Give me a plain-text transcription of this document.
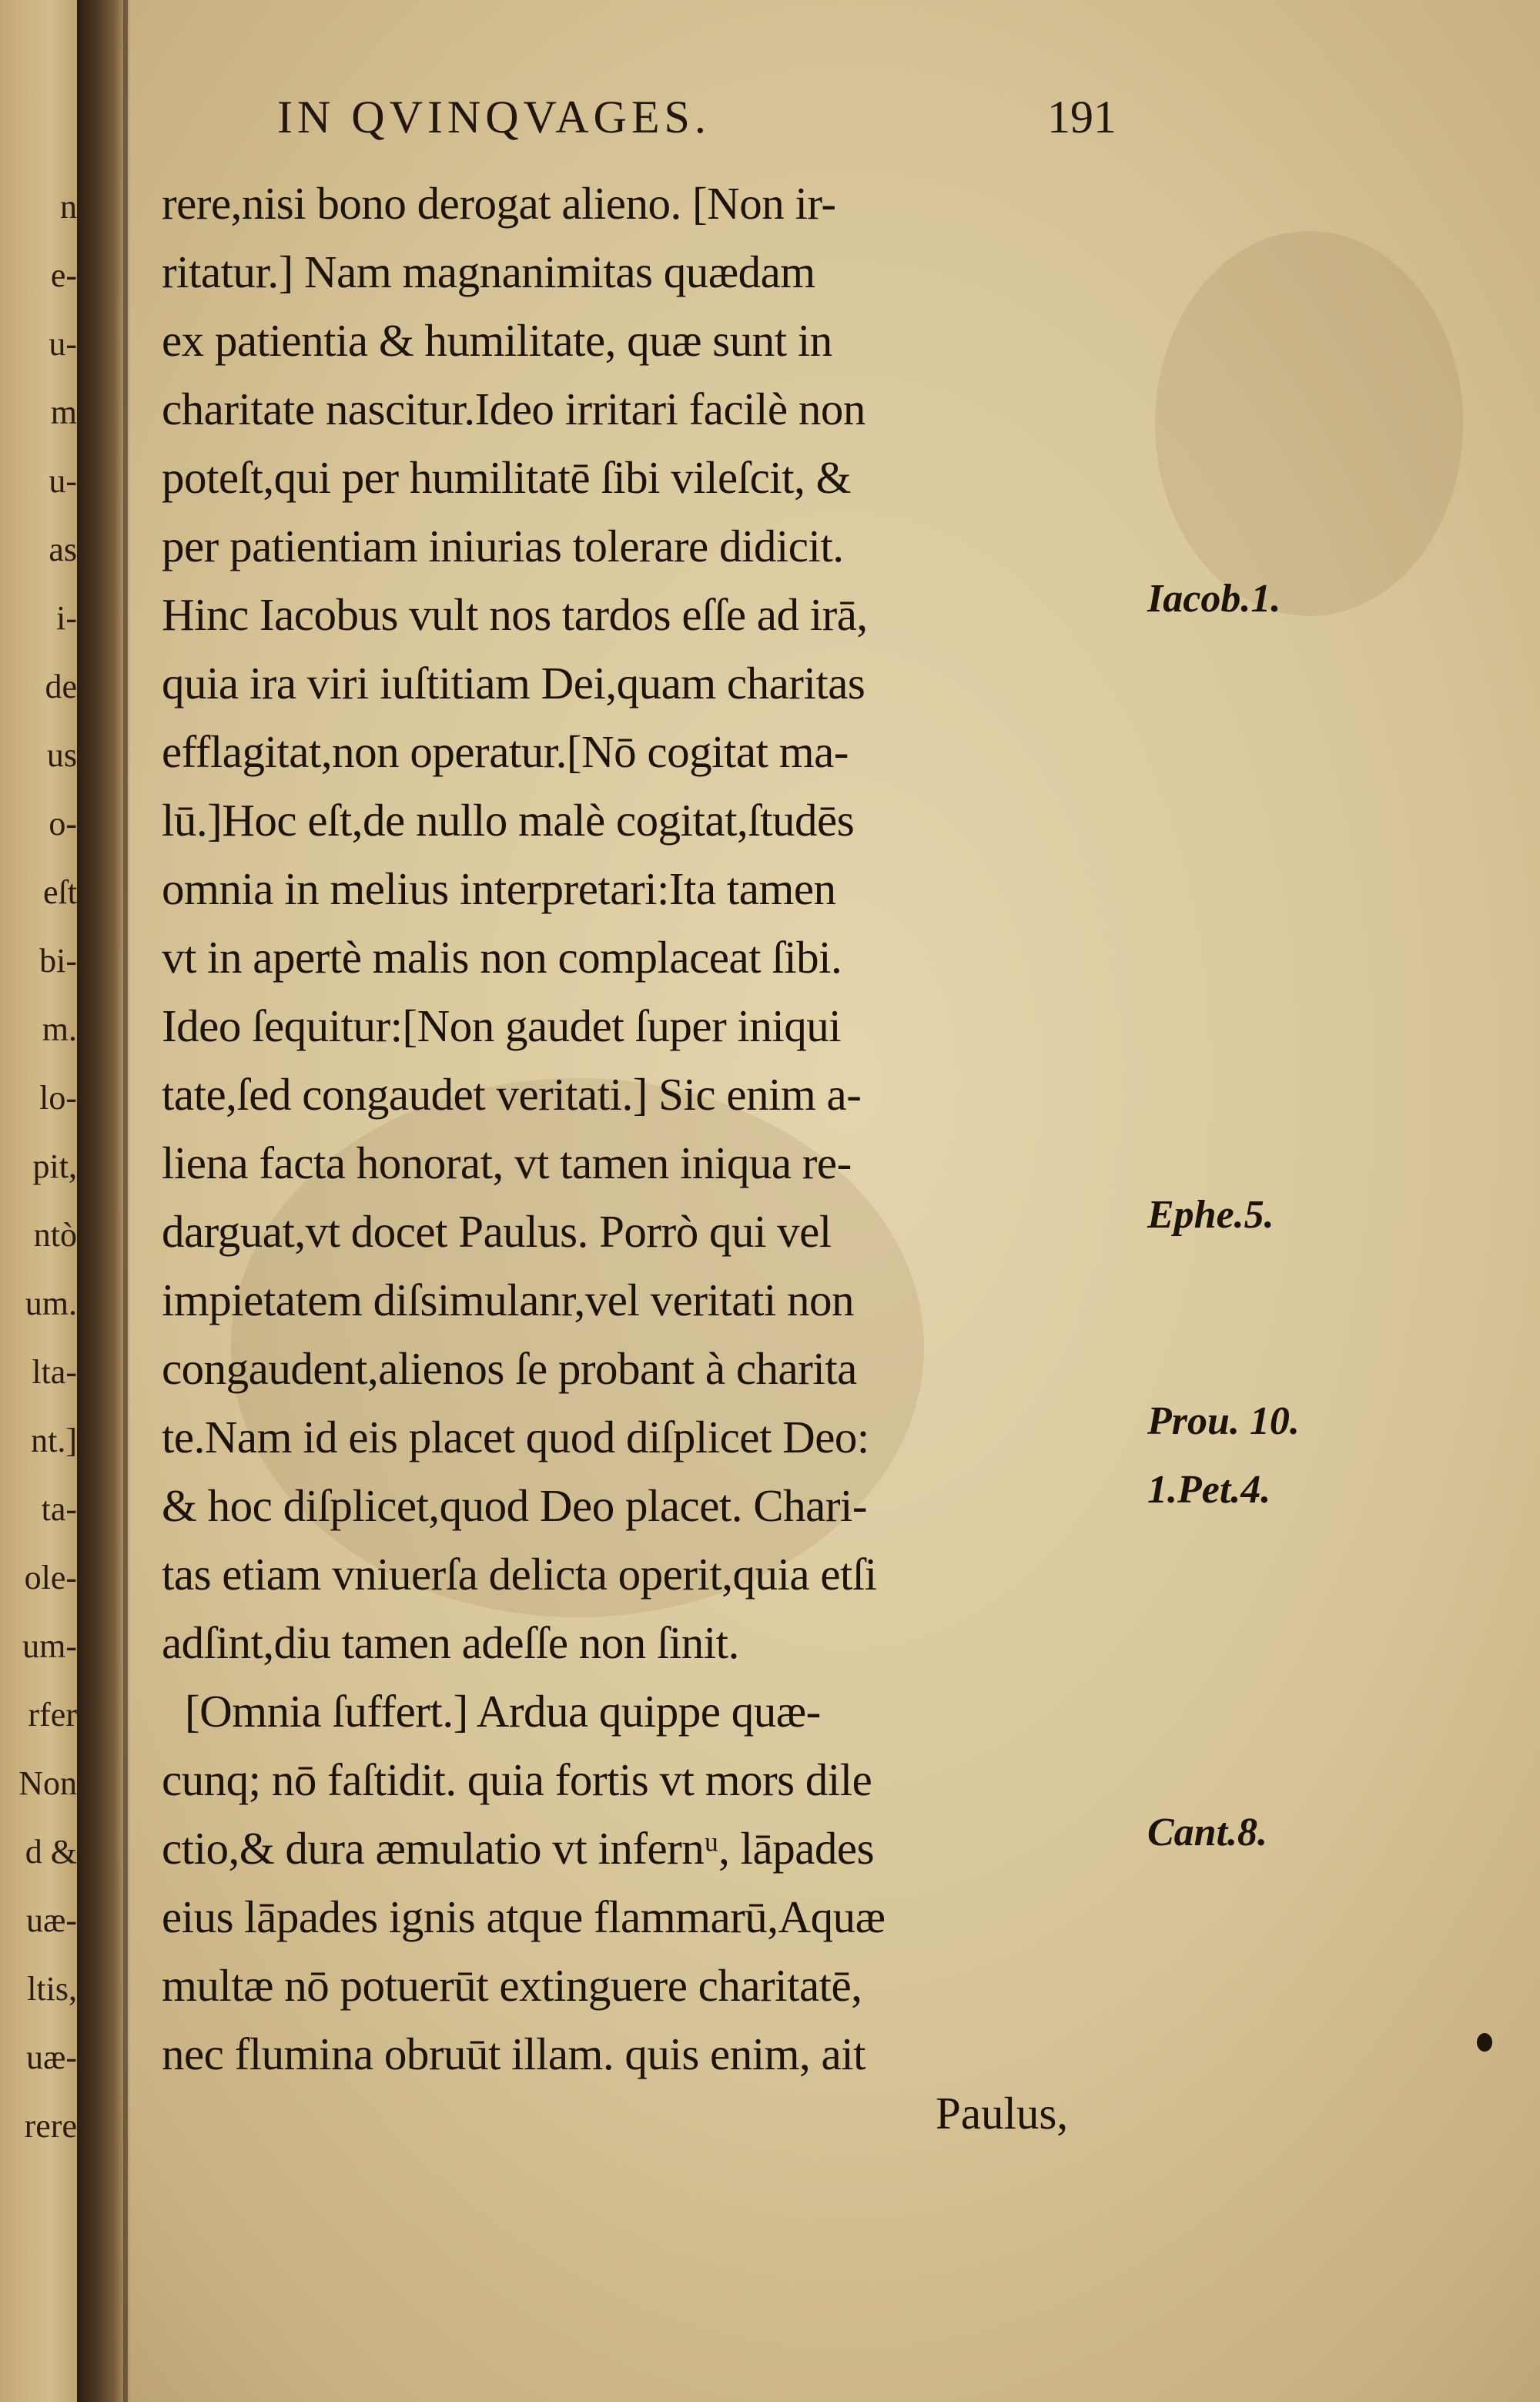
n
e-
u-
m
u-
as
i-
de
us
o-
eſt
bi-
m.
lo-
pit,
ntò
um.
lta-
nt.]
ta-
ole-
um-
rfer
Non
d &
uæ-
ltis,
uæ-
rere
IN QVINQVAGES.	191
rere,nisi bono derogat alieno. [Non ir-
ritatur.] Nam magnanimitas quædam
ex patientia & humilitate, quæ sunt in
charitate nascitur.Ideo irritari facilè non
poteſt,qui per humilitatē ſibi vileſcit, &
per patientiam iniurias tolerare didicit.
Hinc Iacobus vult nos tardos eſſe ad irā,
quia ira viri iuſtitiam Dei,quam charitas
efflagitat,non operatur.[Nō cogitat ma-
lū.]Hoc eſt,de nullo malè cogitat,ſtudēs
omnia in melius interpretari:Ita tamen
vt in apertè malis non complaceat ſibi.
Ideo ſequitur:[Non gaudet ſuper iniqui
tate,ſed congaudet veritati.] Sic enim a-
liena facta honorat, vt tamen iniqua re-
darguat,vt docet Paulus. Porrò qui vel
impietatem diſsimulanr,vel veritati non
congaudent,alienos ſe probant à charita
te.Nam id eis placet quod diſplicet Deo:
& hoc diſplicet,quod Deo placet. Chari-
tas etiam vniuerſa delicta operit,quia etſi
adſint,diu tamen adeſſe non ſinit.
[Omnia ſuffert.] Ardua quippe quæ-
cunq; nō faſtidit. quia fortis vt mors dile
ctio,& dura æmulatio vt infernᵘ, lāpades
eius lāpades ignis atque flammarū,Aquæ
multæ nō potuerūt extinguere charitatē,
nec flumina obruūt illam. quis enim, ait
Paulus,
Iacob.1.
Ephe.5.
Prou. 10.
1.Pet.4.
Cant.8.
